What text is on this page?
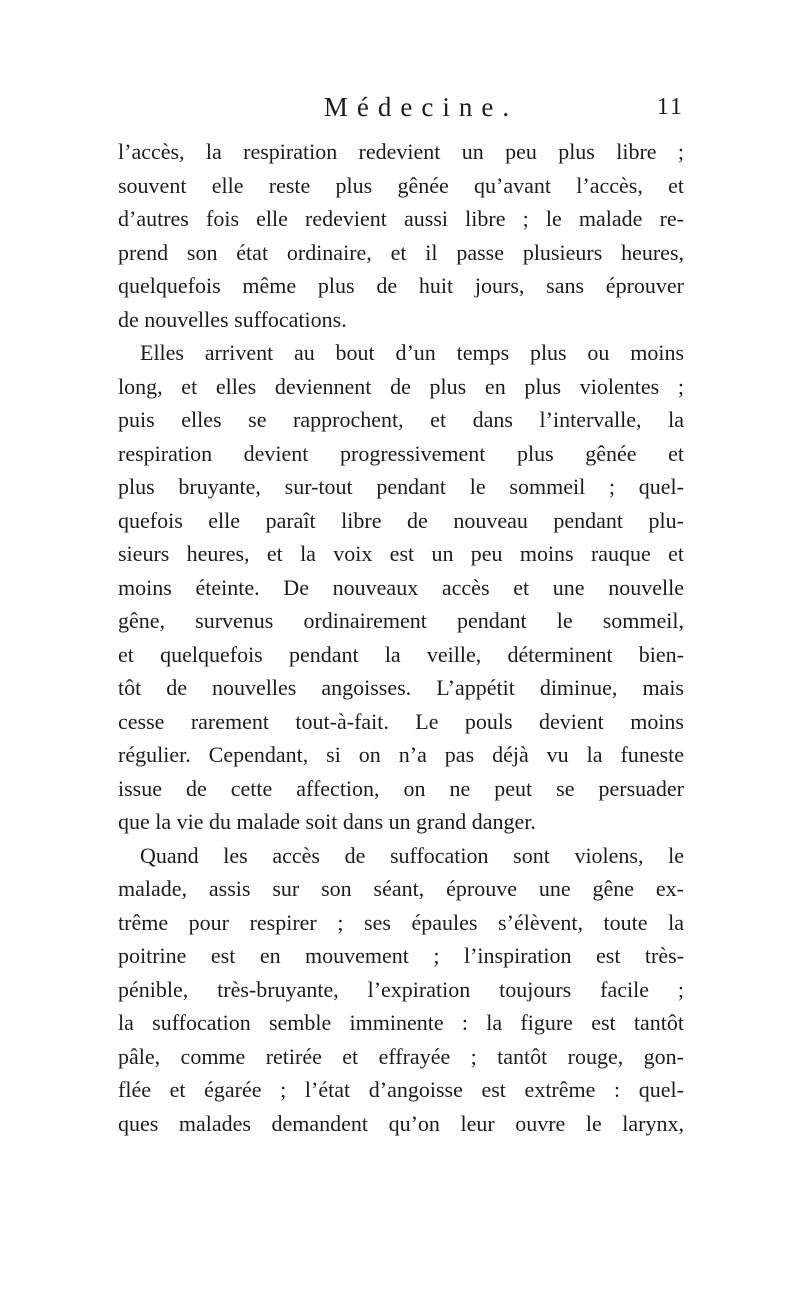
Médecine.	11
l’accès, la respiration redevient un peu plus libre ;
souvent elle reste plus gênée qu’avant l’accès, et
d’autres fois elle redevient aussi libre ; le malade re-
prend son état ordinaire, et il passe plusieurs heures,
quelquefois même plus de huit jours, sans éprouver
de nouvelles suffocations.
Elles arrivent au bout d’un temps plus ou moins
long, et elles deviennent de plus en plus violentes ;
puis elles se rapprochent, et dans l’intervalle, la
respiration devient progressivement plus gênée et
plus bruyante, sur-tout pendant le sommeil ; quel-
quefois elle paraît libre de nouveau pendant plu-
sieurs heures, et la voix est un peu moins rauque et
moins éteinte. De nouveaux accès et une nouvelle
gêne, survenus ordinairement pendant le sommeil,
et quelquefois pendant la veille, déterminent bien-
tôt de nouvelles angoisses. L’appétit diminue, mais
cesse rarement tout-à-fait. Le pouls devient moins
régulier. Cependant, si on n’a pas déjà vu la funeste
issue de cette affection, on ne peut se persuader
que la vie du malade soit dans un grand danger.
Quand les accès de suffocation sont violens, le
malade, assis sur son séant, éprouve une gêne ex-
trême pour respirer ; ses épaules s’élèvent, toute la
poitrine est en mouvement ; l’inspiration est très-
pénible, très-bruyante, l’expiration toujours facile ;
la suffocation semble imminente : la figure est tantôt
pâle, comme retirée et effrayée ; tantôt rouge, gon-
flée et égarée ; l’état d’angoisse est extrême : quel-
ques malades demandent qu’on leur ouvre le larynx,
